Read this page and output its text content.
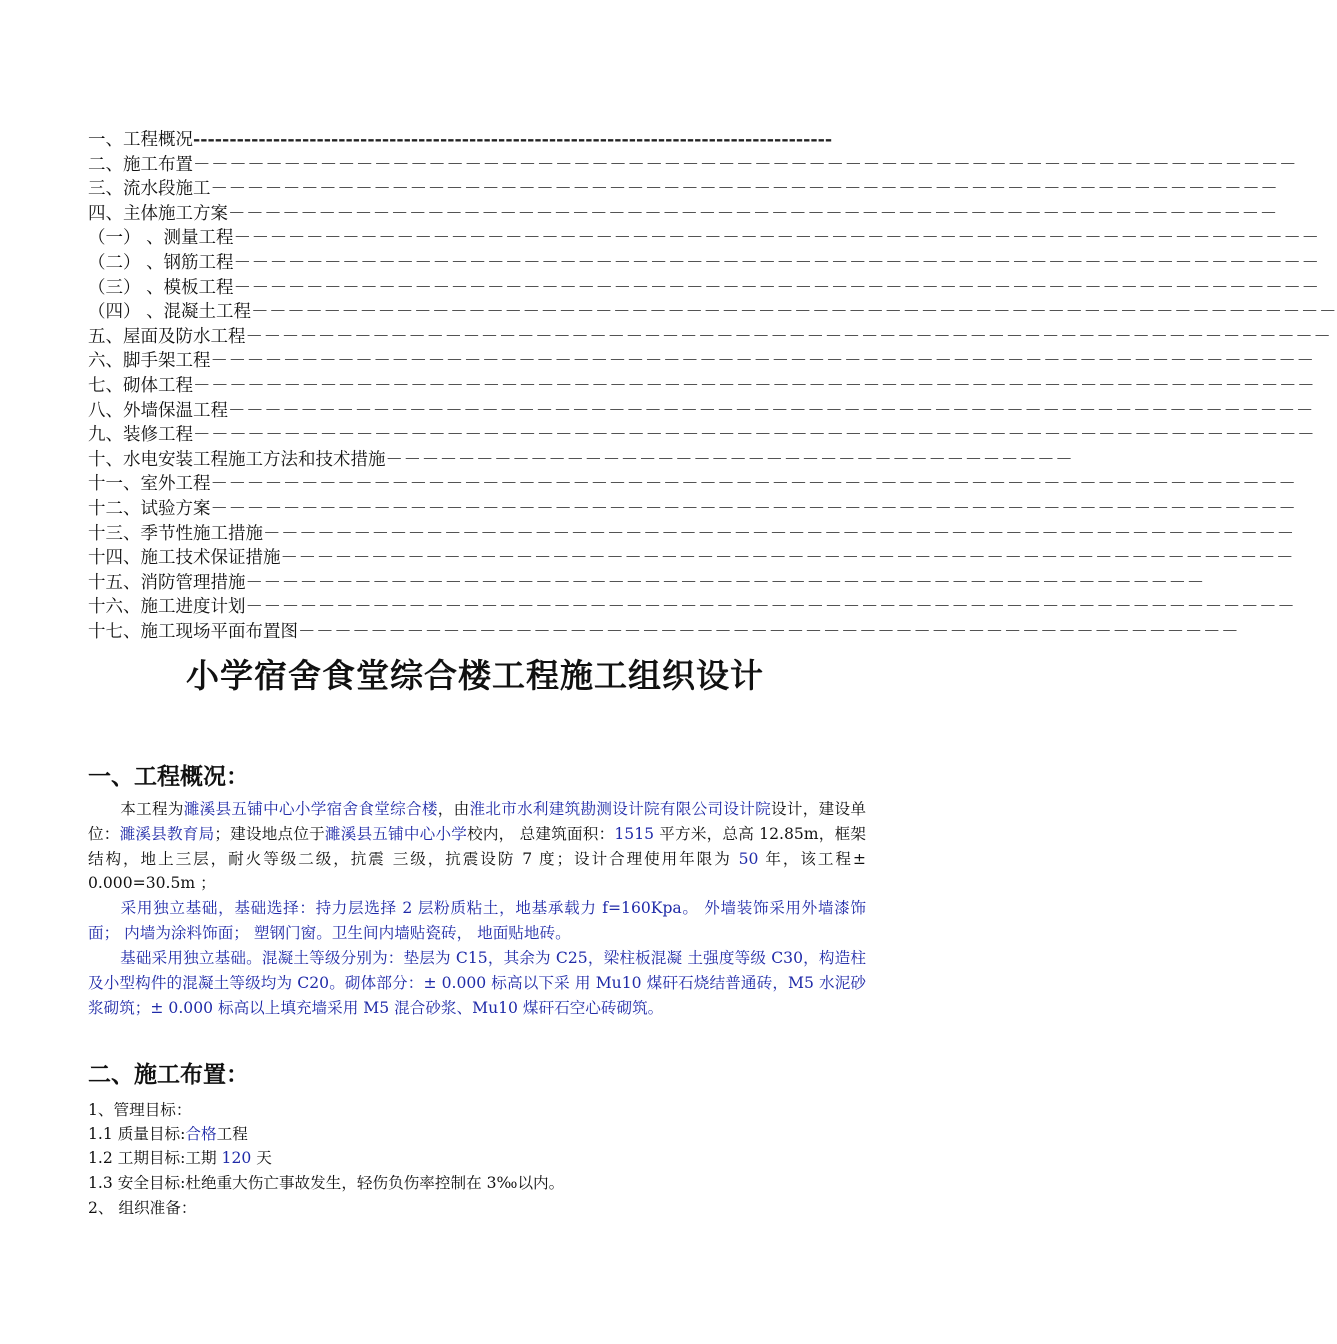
一、工程概况 ----------------------------------------------------------------------------------------
二、施工布置 －－－－－－－－－－－－－－－－－－－－－－－－－－－－－－－－－－－－－－－－－－－－－－－－－－－－－－－－－－－－－
三、流水段施工 －－－－－－－－－－－－－－－－－－－－－－－－－－－－－－－－－－－－－－－－－－－－－－－－－－－－－－－－－－－
四、主体施工方案 －－－－－－－－－－－－－－－－－－－－－－－－－－－－－－－－－－－－－－－－－－－－－－－－－－－－－－－－－－
（一） 、测量工程 －－－－－－－－－－－－－－－－－－－－－－－－－－－－－－－－－－－－－－－－－－－－－－－－－－－－－－－－－－－－
（二） 、钢筋工程 －－－－－－－－－－－－－－－－－－－－－－－－－－－－－－－－－－－－－－－－－－－－－－－－－－－－－－－－－－－－
（三） 、模板工程 －－－－－－－－－－－－－－－－－－－－－－－－－－－－－－－－－－－－－－－－－－－－－－－－－－－－－－－－－－－－
（四） 、混凝土工程 －－－－－－－－－－－－－－－－－－－－－－－－－－－－－－－－－－－－－－－－－－－－－－－－－－－－－－－－－－－－
五、屋面及防水工程 －－－－－－－－－－－－－－－－－－－－－－－－－－－－－－－－－－－－－－－－－－－－－－－－－－－－－－－－－－－－
六、脚手架工程 －－－－－－－－－－－－－－－－－－－－－－－－－－－－－－－－－－－－－－－－－－－－－－－－－－－－－－－－－－－－－
七、砌体工程 －－－－－－－－－－－－－－－－－－－－－－－－－－－－－－－－－－－－－－－－－－－－－－－－－－－－－－－－－－－－－－
八、外墙保温工程 －－－－－－－－－－－－－－－－－－－－－－－－－－－－－－－－－－－－－－－－－－－－－－－－－－－－－－－－－－－－
九、装修工程 －－－－－－－－－－－－－－－－－－－－－－－－－－－－－－－－－－－－－－－－－－－－－－－－－－－－－－－－－－－－－－
十、水电安装工程施工方法和技术措施 －－－－－－－－－－－－－－－－－－－－－－－－－－－－－－－－－－－－－－
十一、室外工程 －－－－－－－－－－－－－－－－－－－－－－－－－－－－－－－－－－－－－－－－－－－－－－－－－－－－－－－－－－－－
十二、试验方案 －－－－－－－－－－－－－－－－－－－－－－－－－－－－－－－－－－－－－－－－－－－－－－－－－－－－－－－－－－－－
十三、季节性施工措施 －－－－－－－－－－－－－－－－－－－－－－－－－－－－－－－－－－－－－－－－－－－－－－－－－－－－－－－－－
十四、施工技术保证措施 －－－－－－－－－－－－－－－－－－－－－－－－－－－－－－－－－－－－－－－－－－－－－－－－－－－－－－－－
十五、消防管理措施 －－－－－－－－－－－－－－－－－－－－－－－－－－－－－－－－－－－－－－－－－－－－－－－－－－－－－
十六、施工进度计划 －－－－－－－－－－－－－－－－－－－－－－－－－－－－－－－－－－－－－－－－－－－－－－－－－－－－－－－－－－
十七、施工现场平面布置图 －－－－－－－－－－－－－－－－－－－－－－－－－－－－－－－－－－－－－－－－－－－－－－－－－－－－
小学宿舍食堂综合楼工程施工组织设计
一、工程概况：
本工程为濉溪县五铺中心小学宿舍食堂综合楼，由淮北市水利建筑勘测设计院有限公司设计院设计，建设单位：濉溪县教育局；建设地点位于濉溪县五铺中心小学校内， 总建筑面积：1515 平方米，总高 12.85m，框架结构，地上三层，耐火等级二级，抗震 三级，抗震设防 7 度；设计合理使用年限为 50 年，该工程± 0.000=30.5m ；
采用独立基础，基础选择：持力层选择 2 层粉质粘土，地基承载力 f=160Kpa。 外墙装饰采用外墙漆饰面； 内墙为涂料饰面； 塑钢门窗。卫生间内墙贴瓷砖， 地面贴地砖。
基础采用独立基础。混凝土等级分别为：垫层为 C15，其余为 C25，梁柱板混凝 土强度等级 C30，构造柱及小型构件的混凝土等级均为 C20。砌体部分：± 0.000 标高以下采 用 Mu10 煤矸石烧结普通砖，M5 水泥砂浆砌筑；± 0.000 标高以上填充墙采用 M5 混合砂浆、Mu10 煤矸石空心砖砌筑。
二、施工布置：
1、管理目标：
1.1 质量目标:合格工程
1.2 工期目标:工期 120 天
1.3 安全目标:杜绝重大伤亡事故发生，轻伤负伤率控制在 3‰以内。
2、 组织准备：
